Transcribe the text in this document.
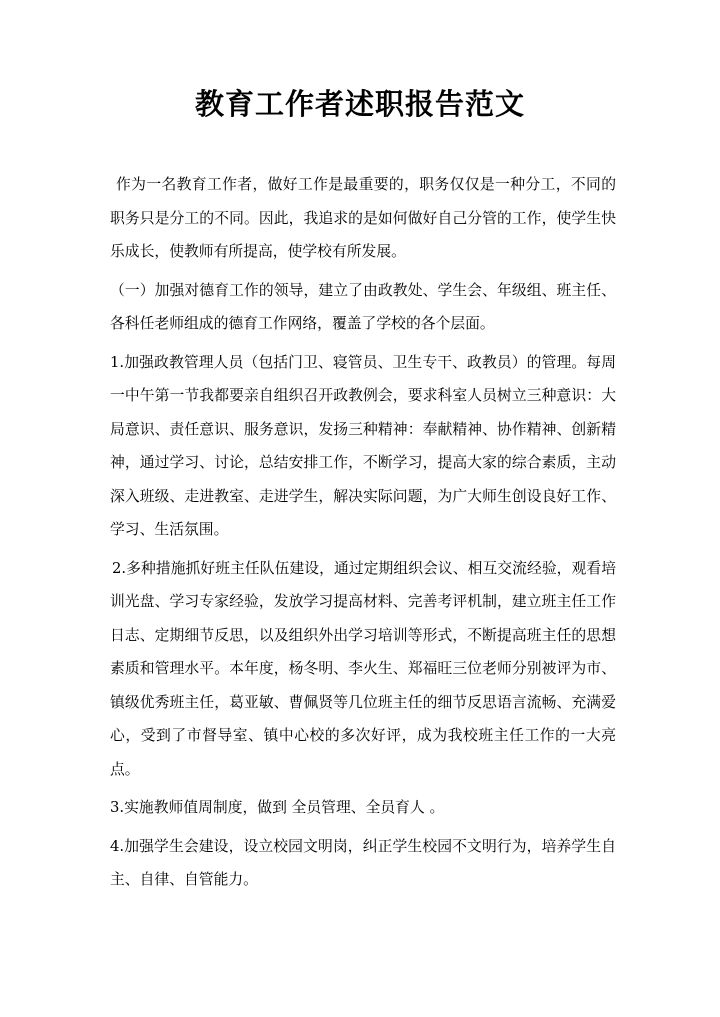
教育工作者述职报告范文

作为一名教育工作者，做好工作是最重要的，职务仅仅是一种分工，不同的职务只是分工的不同。因此，我追求的是如何做好自己分管的工作，使学生快乐成长，使教师有所提高，使学校有所发展。

（一）加强对德育工作的领导，建立了由政教处、学生会、年级组、班主任、各科任老师组成的德育工作网络，覆盖了学校的各个层面。

1.加强政教管理人员（包括门卫、寝管员、卫生专干、政教员）的管理。每周一中午第一节我都要亲自组织召开政教例会，要求科室人员树立三种意识：大局意识、责任意识、服务意识，发扬三种精神：奉献精神、协作精神、创新精神，通过学习、讨论，总结安排工作，不断学习，提高大家的综合素质，主动深入班级、走进教室、走进学生，解决实际问题，为广大师生创设良好工作、学习、生活氛围。

2.多种措施抓好班主任队伍建设，通过定期组织会议、相互交流经验，观看培训光盘、学习专家经验，发放学习提高材料、完善考评机制，建立班主任工作日志、定期细节反思，以及组织外出学习培训等形式，不断提高班主任的思想素质和管理水平。本年度，杨冬明、李火生、郑福旺三位老师分别被评为市、镇级优秀班主任，葛亚敏、曹佩贤等几位班主任的细节反思语言流畅、充满爱心，受到了市督导室、镇中心校的多次好评，成为我校班主任工作的一大亮点。

3.实施教师值周制度，做到 全员管理、全员育人 。

4.加强学生会建设，设立校园文明岗，纠正学生校园不文明行为，培养学生自主、自律、自管能力。
